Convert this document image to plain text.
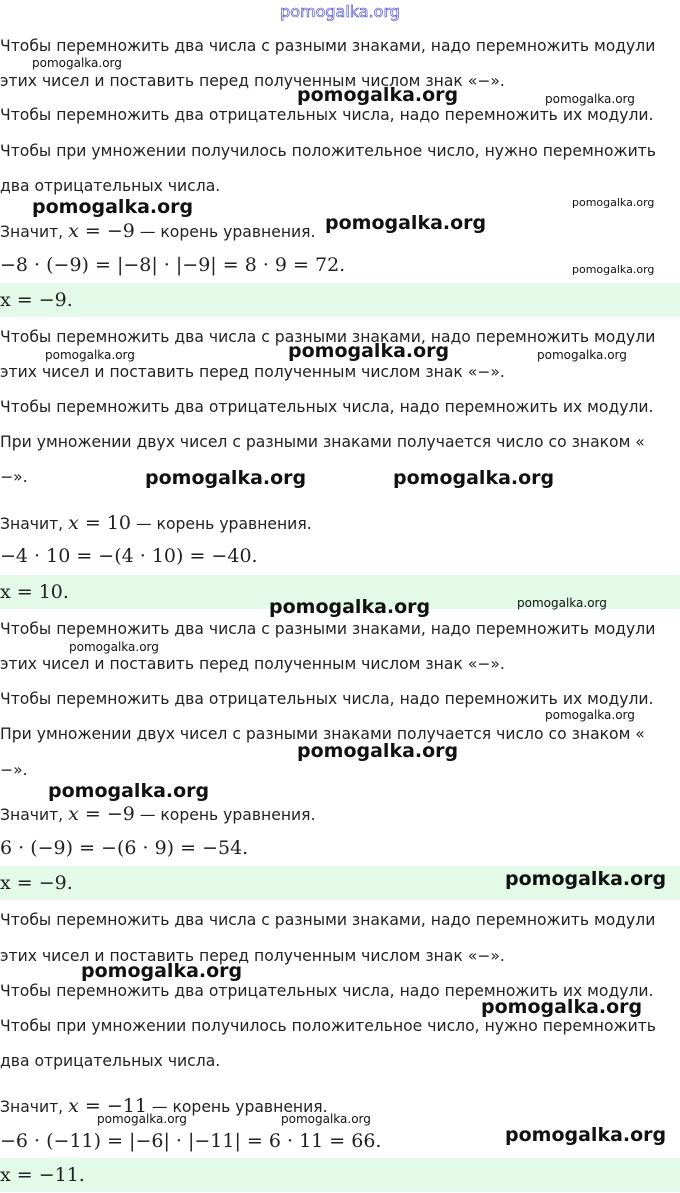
pomogalka.org
Чтобы перемножить два числа с разными знаками, надо перемножить модули
этих чисел и поставить перед полученным числом знак «−».
Чтобы перемножить два отрицательных числа, надо перемножить их модули.
Чтобы при умножении получилось положительное число, нужно перемножить
два отрицательных числа.
Значит, x = −9 — корень уравнения.
−8 · (−9) = |−8| · |−9| = 8 · 9 = 72.
x = −9.
Чтобы перемножить два числа с разными знаками, надо перемножить модули
этих чисел и поставить перед полученным числом знак «−».
Чтобы перемножить два отрицательных числа, надо перемножить их модули.
При умножении двух чисел с разными знаками получается число со знаком «
−».
Значит, x = 10 — корень уравнения.
−4 · 10 = −(4 · 10) = −40.
x = 10.
Чтобы перемножить два числа с разными знаками, надо перемножить модули
этих чисел и поставить перед полученным числом знак «−».
Чтобы перемножить два отрицательных числа, надо перемножить их модули.
При умножении двух чисел с разными знаками получается число со знаком «
−».
Значит, x = −9 — корень уравнения.
6 · (−9) = −(6 · 9) = −54.
x = −9.
Чтобы перемножить два числа с разными знаками, надо перемножить модули
этих чисел и поставить перед полученным числом знак «−».
Чтобы перемножить два отрицательных числа, надо перемножить их модули.
Чтобы при умножении получилось положительное число, нужно перемножить
два отрицательных числа.
Значит, x = −11 — корень уравнения.
−6 · (−11) = |−6| · |−11| = 6 · 11 = 66.
x = −11.
pomogalka.org
pomogalka.org	pomogalka.org
pomogalka.org	pomogalka.org
pomogalka.org
pomogalka.org
pomogalka.org	pomogalka.org	pomogalka.org
pomogalka.org	pomogalka.org
pomogalka.org	pomogalka.org
pomogalka.org
pomogalka.org
pomogalka.org
pomogalka.org
pomogalka.org
pomogalka.org
pomogalka.org
pomogalka.org	pomogalka.org
pomogalka.org
